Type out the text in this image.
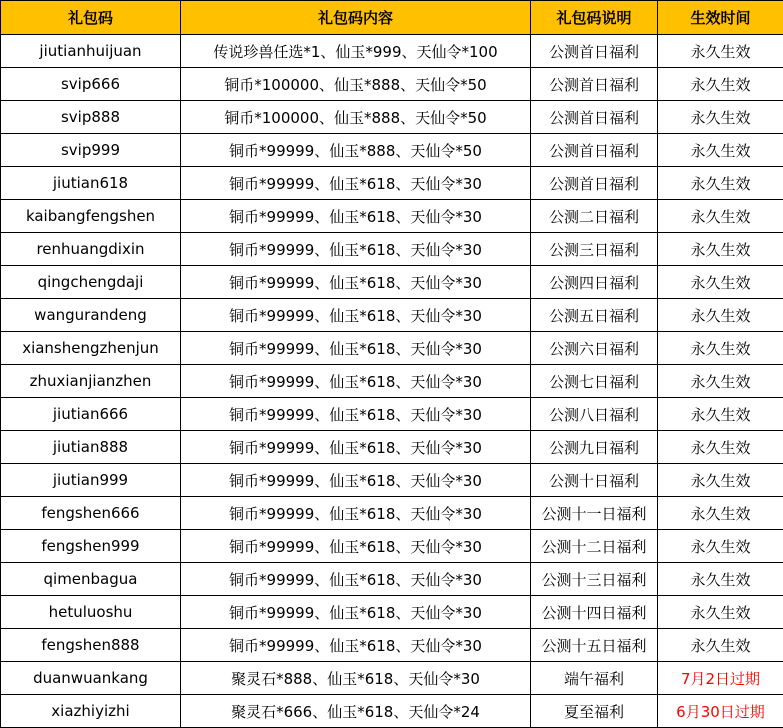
礼包码	礼包码内容	礼包码说明	生效时间
jiutianhuijuan	传说珍兽任选*1、仙玉*999、天仙令*100	公测首日福利	永久生效
svip666	铜币*100000、仙玉*888、天仙令*50	公测首日福利	永久生效
svip888	铜币*100000、仙玉*888、天仙令*50	公测首日福利	永久生效
svip999	铜币*99999、仙玉*888、天仙令*50	公测首日福利	永久生效
jiutian618	铜币*99999、仙玉*618、天仙令*30	公测首日福利	永久生效
kaibangfengshen	铜币*99999、仙玉*618、天仙令*30	公测二日福利	永久生效
renhuangdixin	铜币*99999、仙玉*618、天仙令*30	公测三日福利	永久生效
qingchengdaji	铜币*99999、仙玉*618、天仙令*30	公测四日福利	永久生效
wangurandeng	铜币*99999、仙玉*618、天仙令*30	公测五日福利	永久生效
xianshengzhenjun	铜币*99999、仙玉*618、天仙令*30	公测六日福利	永久生效
zhuxianjianzhen	铜币*99999、仙玉*618、天仙令*30	公测七日福利	永久生效
jiutian666	铜币*99999、仙玉*618、天仙令*30	公测八日福利	永久生效
jiutian888	铜币*99999、仙玉*618、天仙令*30	公测九日福利	永久生效
jiutian999	铜币*99999、仙玉*618、天仙令*30	公测十日福利	永久生效
fengshen666	铜币*99999、仙玉*618、天仙令*30	公测十一日福利	永久生效
fengshen999	铜币*99999、仙玉*618、天仙令*30	公测十二日福利	永久生效
qimenbagua	铜币*99999、仙玉*618、天仙令*30	公测十三日福利	永久生效
hetuluoshu	铜币*99999、仙玉*618、天仙令*30	公测十四日福利	永久生效
fengshen888	铜币*99999、仙玉*618、天仙令*30	公测十五日福利	永久生效
duanwuankang	聚灵石*888、仙玉*618、天仙令*30	端午福利	7月2日过期
xiazhiyizhi	聚灵石*666、仙玉*618、天仙令*24	夏至福利	6月30日过期
